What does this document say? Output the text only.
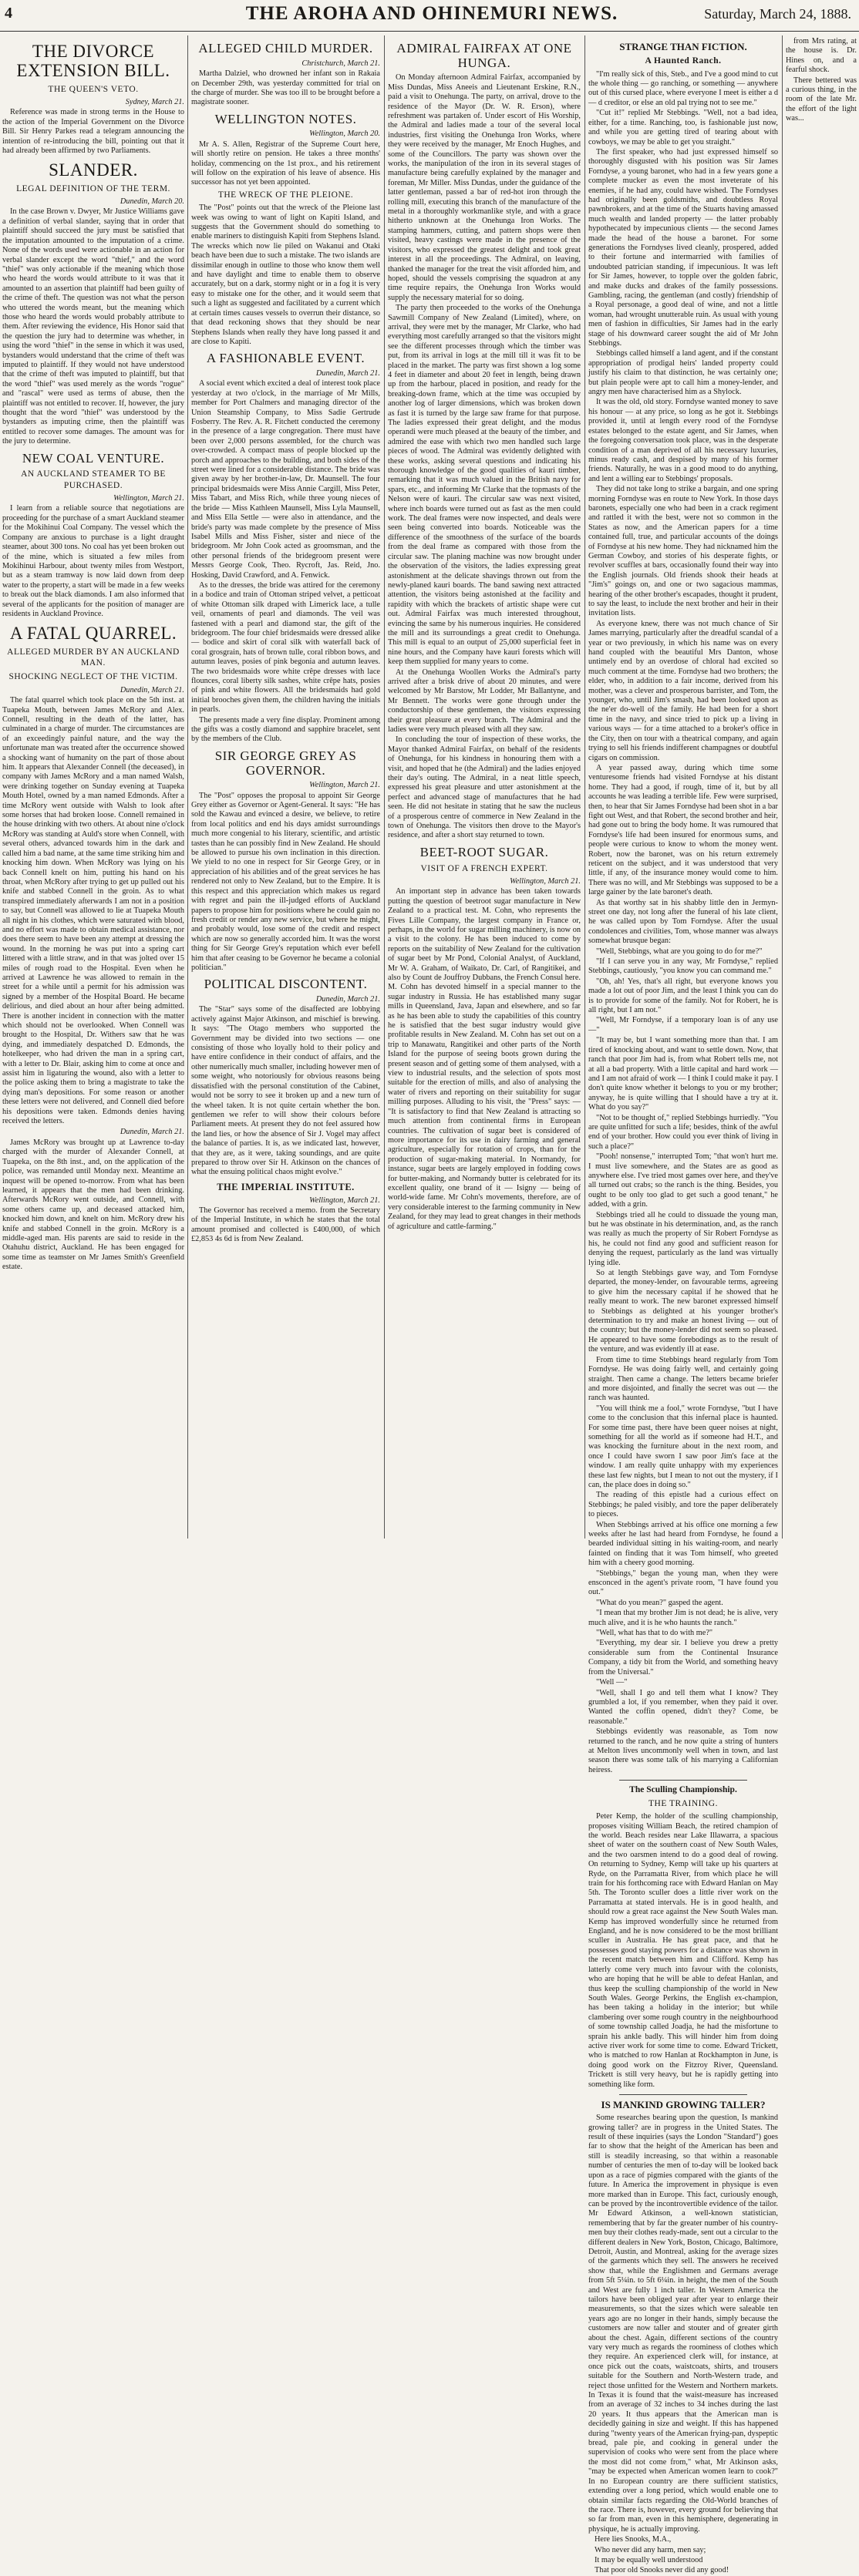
4	THE AROHA AND OHINEMURI NEWS.	Saturday, March 24, 1888.
THE DIVORCE EXTENSION BILL.
THE QUEEN'S VETO.
Sydney, March 21.

Reference was made in strong terms in the House to the action of the Imperial Government on the Divorce Bill. Sir Henry Parkes read a telegram announcing the intention of re-introducing the bill, pointing out that it had already been affirmed by two Parliaments.

SLANDER.
LEGAL DEFINITION OF THE TERM.
Dunedin, March 20.

In the case Brown v. Dwyer, Mr Justice Williams gave a definition of verbal slander, saying that in order that plaintiff should succeed the jury must be satisfied that the imputation amounted to the imputation of a crime. None of the words used were actionable in an action for verbal slander except the word "thief," and the word "thief" was only actionable if the meaning which those who heard the words would attribute to it was that it amounted to an assertion that plaintiff had been guilty of the crime of theft. The question was not what the person who uttered the words meant, but the meaning which those who heard the words would probably attribute to them. After reviewing the evidence, His Honor said that the question the jury had to determine was whether, in using the word "thief" in the sense in which it was used, bystanders would understand that the crime of theft was imputed to plaintiff. If they would not have understood that the crime of theft was imputed to plaintiff, but that the word "thief" was used merely as the words "rogue" and "rascal" were used as terms of abuse, then the plaintiff was not entitled to recover. If, however, the jury thought that the word "thief" was understood by the bystanders as imputing crime, then the plaintiff was entitled to recover some damages. The amount was for the jury to determine.

NEW COAL VENTURE.
AN AUCKLAND STEAMER TO BE PURCHASED.
Wellington, March 21.

I learn from a reliable source that negotiations are proceeding for the purchase of a smart Auckland steamer for the Mokihinui Coal Company. The vessel which the Company are anxious to purchase is a light draught steamer, about 300 tons. No coal has yet been broken out of the mine, which is situated a few miles from Mokihinui Harbour, about twenty miles from Westport, but as a steam tramway is now laid down from deep water to the property, a start will be made in a few weeks to break out the black diamonds. I am also informed that several of the applicants for the position of manager are residents in Auckland Province.

A FATAL QUARREL.
ALLEGED MURDER BY AN AUCKLAND MAN.
SHOCKING NEGLECT OF THE VICTIM.
Dunedin, March 21.

The fatal quarrel which took place on the 5th inst. at Tuapeka Mouth, between James McRory and Alex. Connell, resulting in the death of the latter, has culminated in a charge of murder. The circumstances are of an exceedingly painful nature, and the way the unfortunate man was treated after the occurrence showed a shocking want of humanity on the part of those about him. It appears that Alexander Connell (the deceased), in company with James McRory and a man named Walsh, were drinking together on Sunday evening at Tuapeka Mouth Hotel, owned by a man named Edmonds. After a time McRory went outside with Walsh to look after some horses that had broken loose. Connell remained in the house drinking with two others. At about nine o'clock McRory was standing at Auld's store when Connell, with several others, advanced towards him in the dark and called him a bad name, at the same time striking him and knocking him down. When McRory was lying on his back Connell knelt on him, putting his hand on his throat, when McRory after trying to get up pulled out his knife and stabbed Connell in the groin. As to what transpired immediately afterwards I am not in a position to say, but Connell was allowed to lie at Tuapeka Mouth all night in his clothes, which were saturated with blood, and no effort was made to obtain medical assistance, nor does there seem to have been any attempt at dressing the wound. In the morning he was put into a spring cart littered with a little straw, and in that was jolted over 15 miles of rough road to the Hospital. Even when he arrived at Lawrence he was allowed to remain in the street for a while until a permit for his admission was signed by a member of the Hospital Board. He became delirious, and died about an hour after being admitted. There is another incident in connection with the matter which should not be overlooked. When Connell was brought to the Hospital, Dr. Withers saw that he was dying, and immediately despatched D. Edmonds, the hotelkeeper, who had driven the man in a spring cart, with a letter to Dr. Blair, asking him to come at once and assist him in ligaturing the wound, also with a letter to the police asking them to bring a magistrate to take the dying man's depositions. For some reason or another these letters were not delivered, and Connell died before his depositions were taken. Edmonds denies having received the letters.

Dunedin, March 21.

James McRory was brought up at Lawrence to-day charged with the murder of Alexander Connell, at Tuapeka, on the 8th inst., and, on the application of the police, was remanded until Monday next. Meantime an inquest will be opened to-morrow. From what has been learned, it appears that the men had been drinking. Afterwards McRory went outside, and Connell, with some others came up, and deceased attacked him, knocked him down, and knelt on him. McRory drew his knife and stabbed Connell in the groin. McRory is a middle-aged man. His parents are said to reside in the Otahuhu district, Auckland. He has been engaged for some time as teamster on Mr James Smith's Greenfield estate.

ALLEGED CHILD MURDER.
Christchurch, March 21.

Martha Dalziel, who drowned her infant son in Rakaia on December 29th, was yesterday committed for trial on the charge of murder. She was too ill to be brought before a magistrate sooner.

WELLINGTON NOTES.
Wellington, March 20.

Mr A. S. Allen, Registrar of the Supreme Court here, will shortly retire on pension. He takes a three months' holiday, commencing on the 1st prox., and his retirement will follow on the expiration of his leave of absence. His successor has not yet been appointed.

THE WRECK OF THE PLEIONE.

The "Post" points out that the wreck of the Pleione last week was owing to want of light on Kapiti Island, and suggests that the Government should do something to enable mariners to distinguish Kapiti from Stephens Island. The wrecks which now lie piled on Wakanui and Otaki beach have been due to such a mistake. The two islands are dissimilar enough in outline to those who know them well and have daylight and time to enable them to observe accurately, but on a dark, stormy night or in a fog it is very easy to mistake one for the other, and it would seem that such a light as suggested and facilitated by a current which at certain times causes vessels to overrun their distance, so that dead reckoning shows that they should be near Stephens Islands when really they have long passed it and are close to Kapiti.

A FASHIONABLE EVENT.
Dunedin, March 21.

A social event which excited a deal of interest took place yesterday at two o'clock, in the marriage of Mr Mills, member for Port Chalmers and managing director of the Union Steamship Company, to Miss Sadie Gertrude Fosberry. The Rev. A. R. Fitchett conducted the ceremony in the presence of a large congregation. There must have been over 2,000 persons assembled, for the church was over-crowded. A compact mass of people blocked up the porch and approaches to the building, and both sides of the street were lined for a considerable distance. The bride was given away by her brother-in-law, Dr. Maunsell. The four principal bridesmaids were Miss Annie Cargill, Miss Peter, Miss Tabart, and Miss Rich, while three young nieces of the bride — Miss Kathleen Maunsell, Miss Lyla Maunsell, and Miss Ella Settle — were also in attendance, and the bride's party was made complete by the presence of Miss Isabel Mills and Miss Fisher, sister and niece of the bridegroom. Mr John Cook acted as groomsman, and the other personal friends of the bridegroom present were Messrs George Cook, Theo. Rycroft, Jas. Reid, Jno. Hosking, David Crawford, and A. Fenwick.

As to the dresses, the bride was attired for the ceremony in a bodice and train of Ottoman striped velvet, a petticoat of white Ottoman silk draped with Limerick lace, a tulle veil, ornaments of pearl and diamonds. The veil was fastened with a pearl and diamond star, the gift of the bridegroom. The four chief bridesmaids were dressed alike — bodice and skirt of coral silk with waterfall back of coral grosgrain, hats of brown tulle, coral ribbon bows, and autumn leaves, posies of pink begonia and autumn leaves. The two bridesmaids wore white crêpe dresses with lace flounces, coral liberty silk sashes, white crêpe hats, posies of pink and white flowers. All the bridesmaids had gold initial brooches given them, the children having the initials in pearls.

The presents made a very fine display. Prominent among the gifts was a costly diamond and sapphire bracelet, sent by the members of the Club.

SIR GEORGE GREY AS GOVERNOR.
Wellington, March 21.

The "Post" opposes the proposal to appoint Sir George Grey either as Governor or Agent-General. It says: "He has sold the Kawau and evinced a desire, we believe, to retire from local politics and end his days amidst surroundings much more congenial to his literary, scientific, and artistic tastes than he can possibly find in New Zealand. He should be allowed to pursue his own inclination in this direction. We yield to no one in respect for Sir George Grey, or in appreciation of his abilities and of the great services he has rendered not only to New Zealand, but to the Empire. It is this respect and this appreciation which makes us regard with regret and pain the ill-judged efforts of Auckland papers to propose him for positions where he could gain no fresh credit or render any new service, but where he might, and probably would, lose some of the credit and respect which are now so generally accorded him. It was the worst thing for Sir George Grey's reputation which ever befell him that after ceasing to be Governor he became a colonial politician."

POLITICAL DISCONTENT.
Dunedin, March 21.

The "Star" says some of the disaffected are lobbying actively against Major Atkinson, and mischief is brewing. It says: "The Otago members who supported the Government may be divided into two sections — one consisting of those who loyally hold to their policy and have entire confidence in their conduct of affairs, and the other numerically much smaller, including however men of some weight, who notoriously for obvious reasons being dissatisfied with the personal constitution of the Cabinet, would not be sorry to see it broken up and a new turn of the wheel taken. It is not quite certain whether the bon. gentlemen we refer to will show their colours before Parliament meets. At present they do not feel assured how the land lies, or how the absence of Sir J. Vogel may affect the balance of parties. It is, as we indicated last, however, that they are, as it were, taking soundings, and are quite prepared to throw over Sir H. Atkinson on the chances of what the ensuing political chaos might evolve."

THE IMPERIAL INSTITUTE.
Wellington, March 21.

The Governor has received a memo. from the Secretary of the Imperial Institute, in which he states that the total amount promised and collected is £400,000, of which £2,853 4s 6d is from New Zealand.

ADMIRAL FAIRFAX AT ONE HUNGA.

On Monday afternoon Admiral Fairfax, accompanied by Miss Dundas, Miss Aneeis and Lieutenant Erskine, R.N., paid a visit to Onehunga. The party, on arrival, drove to the residence of the Mayor (Dr. W. R. Erson), where refreshment was partaken of. Under escort of His Worship, the Admiral and ladies made a tour of the several local industries, first visiting the Onehunga Iron Works, where they were received by the manager, Mr Enoch Hughes, and some of the Councillors. The party was shown over the works, the manipulation of the iron in its several stages of manufacture being carefully explained by the manager and foreman, Mr Miller. Miss Dundas, under the guidance of the latter gentleman, passed a bar of red-hot iron through the rolling mill, executing this branch of the manufacture of the metal in a thoroughly workmanlike style, and with a grace hitherto unknown at the Onehunga Iron Works. The stamping hammers, cutting, and pattern shops were then visited, heavy castings were made in the presence of the visitors, who expressed the greatest delight and took great interest in all the proceedings. The Admiral, on leaving, thanked the manager for the treat the visit afforded him, and hoped, should the vessels comprising the squadron at any time require repairs, the Onehunga Iron Works would supply the necessary material for so doing.

The party then proceeded to the works of the Onehunga Sawmill Company of New Zealand (Limited), where, on arrival, they were met by the manager, Mr Clarke, who had everything most carefully arranged so that the visitors might see the different processes through which the timber was put, from its arrival in logs at the mill till it was fit to be placed in the market. The party was first shown a log some 4 feet in diameter and about 20 feet in length, being drawn up from the harbour, placed in position, and ready for the breaking-down frame, which at the time was occupied by another log of larger dimensions, which was broken down as fast it is turned by the large saw frame for that purpose. The ladies expressed their great delight, and the modus operandi were much pleased at the beauty of the timber, and admired the ease with which two men handled such large pieces of wood. The Admiral was evidently delighted with these works, asking several questions and indicating his thorough knowledge of the good qualities of kauri timber, remarking that it was much valued in the British navy for spars, etc., and informing Mr Clarke that the topmasts of the Nelson were of kauri. The circular saw was next visited, where inch boards were turned out as fast as the men could work. The deal frames were now inspected, and deals were seen being converted into boards. Noticeable was the difference of the smoothness of the surface of the boards from the deal frame as compared with those from the circular saw. The planing machine was now brought under the observation of the visitors, the ladies expressing great astonishment at the delicate shavings thrown out from the newly-planed kauri boards. The band sawing next attracted attention, the visitors being astonished at the facility and rapidity with which the brackets of artistic shape were cut out. Admiral Fairfax was much interested throughout, evincing the same by his numerous inquiries. He considered the mill and its surroundings a great credit to Onehunga. This mill is equal to an output of 25,000 superficial feet in nine hours, and the Company have kauri forests which will keep them supplied for many years to come.

At the Onehunga Woollen Works the Admiral's party arrived after a brisk drive of about 20 minutes, and were welcomed by Mr Barstow, Mr Lodder, Mr Ballantyne, and Mr Bennett. The works were gone through under the conductorship of these gentlemen, the visitors expressing their great pleasure at every branch. The Admiral and the ladies were very much pleased with all they saw.

In concluding the tour of inspection of these works, the Mayor thanked Admiral Fairfax, on behalf of the residents of Onehunga, for his kindness in honouring them with a visit, and hoped that he (the Admiral) and the ladies enjoyed their day's outing. The Admiral, in a neat little speech, expressed his great pleasure and utter astonishment at the perfect and advanced stage of manufactures that he had seen. He did not hesitate in stating that he saw the nucleus of a prosperous centre of commerce in New Zealand in the town of Onehunga. The visitors then drove to the Mayor's residence, and after a short stay returned to town.

BEET-ROOT SUGAR.
VISIT OF A FRENCH EXPERT.
Wellington, March 21.

An important step in advance has been taken towards putting the question of beetroot sugar manufacture in New Zealand to a practical test. M. Cohn, who represents the Fives Lille Company, the largest company in France or, perhaps, in the world for sugar milling machinery, is now on a visit to the colony. He has been induced to come by reports on the suitability of New Zealand for the cultivation of sugar beet by Mr Pond, Colonial Analyst, of Auckland, Mr W. A. Graham, of Waikato, Dr. Carl, of Rangitikei, and also by Count de Jouffroy Dubbans, the French Consul here. M. Cohn has devoted himself in a special manner to the sugar industry in Russia. He has established many sugar mills in Queensland, Java, Japan and elsewhere, and so far as he has been able to study the capabilities of this country he is satisfied that the best sugar industry would give profitable results in New Zealand. M. Cohn has set out on a trip to Manawatu, Rangitikei and other parts of the North Island for the purpose of seeing boots grown during the present season and of getting some of them analysed, with a view to industrial results, and the selection of spots most suitable for the erection of mills, and also of analysing the water of rivers and reporting on their suitability for sugar milling purposes. Alluding to his visit, the "Press" says: — "It is satisfactory to find that New Zealand is attracting so much attention from continental firms in European countries. The cultivation of sugar beet is considered of more importance for its use in dairy farming and general agriculture, especially for rotation of crops, than for the production of sugar-making material. In Normandy, for instance, sugar beets are largely employed in fodding cows for butter-making, and Normandy butter is celebrated for its excellent quality, one brand of it — Isigny — being of world-wide fame. Mr Cohn's movements, therefore, are of very considerable interest to the farming community in New Zealand, for they may lead to great changes in their methods of agriculture and cattle-farming."

STRANGE THAN FICTION.
A Haunted Ranch.

"I'm really sick of this, Steb., and I've a good mind to cut the whole thing — go ranching, or something — anywhere out of this cursed place, where everyone I meet is either a d — d creditor, or else an old pal trying not to see me."

"Cut it!" replied Mr Stebbings. "Well, not a bad idea, either, for a time. Ranching, too, is fashionable just now, and while you are getting tired of tearing about with cowboys, we may be able to get you straight."

The first speaker, who had just expressed himself so thoroughly disgusted with his position was Sir James Forndyse, a young baronet, who had in a few years gone a complete mucker as even the most inveterate of his enemies, if he had any, could have wished. The Forndyses had originally been goldsmiths, and doubtless Royal pawnbrokers, and at the time of the Stuarts having amassed much wealth and landed property — the latter probably hypothecated by impecunious clients — the second James made the head of the house a baronet. For some generations the Forndyses lived cleanly, prospered, added to their fortune and intermarried with families of undoubted patrician standing, if impecunious. It was left for Sir James, however, to topple over the golden fabric, and make ducks and drakes of the family possessions. Gambling, racing, the gentleman (and costly) friendship of a Royal personage, a good deal of wine, and not a little woman, had wrought unutterable ruin. As usual with young men of fashion in difficulties, Sir James had in the early stage of his downward career sought the aid of Mr John Stebbings.

Stebbings called himself a land agent, and if the constant appropriation of prodigal heirs' landed property could justify his claim to that distinction, he was certainly one; but plain people were apt to call him a money-lender, and angry men have characterised him as a Shylock.

It was the old, old story. Forndyse wanted money to save his honour — at any price, so long as he got it. Stebbings provided it, until at length every rood of the Forndyse estates belonged to the estate agent, and Sir James, when the foregoing conversation took place, was in the desperate condition of a man deprived of all his necessary luxuries, minus ready cash, and despised by many of his former friends. Naturally, he was in a good mood to do anything, and lent a willing ear to Stebbings' proposals.

They did not take long to strike a bargain, and one spring morning Forndyse was en route to New York. In those days baronets, especially one who had been in a crack regiment and rattled it with the best, were not so common in the States as now, and the American papers for a time contained full, true, and particular accounts of the doings of Forndyse at his new home. They had nicknamed him the German Cowboy, and stories of his desperate fights, or revolver scuffles at bars, occasionally found their way into the English journals. Old friends shook their heads at "Jim's" goings on, and one or two sagacious mammas, hearing of the other brother's escapades, thought it prudent, to say the least, to include the next brother and heir in their invitation lists.

As everyone knew, there was not much chance of Sir James marrying, particularly after the dreadful scandal of a year or two previously, in which his name was on every hand coupled with the beautiful Mrs Danton, whose untimely end by an overdose of chloral had excited so much comment at the time. Forndyse had two brothers; the elder, who, in addition to a fair income, derived from his mother, was a clever and prosperous barrister, and Tom, the younger, who, until Jim's smash, had been looked upon as the ne'er do-well of the family. He had been for a short time in the navy, and since tried to pick up a living in various ways — for a time attached to a broker's office in the City, then on tour with a theatrical company, and again trying to sell his friends indifferent champagnes or doubtful cigars on commission.

A year passed away, during which time some venturesome friends had visited Forndyse at his distant home. They had a good, if rough, time of it, but by all accounts he was leading a terrible life. Few were surprised, then, to hear that Sir James Forndyse had been shot in a bar fight out West, and that Robert, the second brother and heir, had gone out to bring the body home. It was rumoured that Forndyse's life had been insured for enormous sums, and people were curious to know to whom the money went. Robert, now the baronet, was on his return extremely reticent on the subject, and it was understood that very little, if any, of the insurance money would come to him. There was no will, and Mr Stebbings was supposed to be a large gainer by the late baronet's death.

As that worthy sat in his shabby little den in Jermyn-street one day, not long after the funeral of his late client, he was called upon by Tom Forndyse. After the usual condolences and civilities, Tom, whose manner was always somewhat brusque began:

"Well, Stebbings, what are you going to do for me?"

"If I can serve you in any way, Mr Forndyse," replied Stebbings, cautiously, "you know you can command me."

"Oh, ah! Yes, that's all right, but everyone knows you made a lot out of poor Jim, and the least I think you can do is to provide for some of the family. Not for Robert, he is all right, but I am not."

"Well, Mr Forndyse, if a temporary loan is of any use —"

"It may be, but I want something more than that. I am tired of knocking about, and want to settle down. Now, that ranch that poor Jim had is, from what Robert tells me, not at all a bad property. With a little capital and hard work — and I am not afraid of work — I think I could make it pay. I don't quite know whether it belongs to you or my brother; anyway, he is quite willing that I should have a try at it. What do you say?"

"Not to be thought of," replied Stebbings hurriedly. "You are quite unfitted for such a life; besides, think of the awful end of your brother. How could you ever think of living in such a place?"

"Pooh! nonsense," interrupted Tom; "that won't hurt me. I must live somewhere, and the States are as good as anywhere else. I've tried most games over here, and they've all turned out crabs; so the ranch is the thing. Besides, you ought to be only too glad to get such a good tenant," he added, with a grin.

Stebbings tried all he could to dissuade the young man, but he was obstinate in his determination, and, as the ranch was really as much the property of Sir Robert Forndyse as his, he could not find any good and sufficient reason for denying the request, particularly as the land was virtually lying idle.

So at length Stebbings gave way, and Tom Forndyse departed, the money-lender, on favourable terms, agreeing to give him the necessary capital if he showed that he really meant to work. The new baronet expressed himself to Stebbings as delighted at his younger brother's determination to try and make an honest living — out of the country; but the money-lender did not seem so pleased. He appeared to have some forebodings as to the result of the venture, and was evidently ill at ease.

From time to time Stebbings heard regularly from Tom Forndyse. He was doing fairly well, and certainly going straight. Then came a change. The letters became briefer and more disjointed, and finally the secret was out — the ranch was haunted.

"You will think me a fool," wrote Forndyse, "but I have come to the conclusion that this infernal place is haunted. For some time past, there have been queer noises at night, something for all the world as if someone had H.T., and was knocking the furniture about in the next room, and once I could have sworn I saw poor Jim's face at the window. I am really quite unhappy with my experiences these last few nights, but I mean to not out the mystery, if I can, the place does in doing so."

The reading of this epistle had a curious effect on Stebbings; he paled visibly, and tore the paper deliberately to pieces.

When Stebbings arrived at his office one morning a few weeks after he last had heard from Forndyse, he found a bearded individual sitting in his waiting-room, and nearly fainted on finding that it was Tom himself, who greeted him with a cheery good morning.

"Stebbings," began the young man, when they were ensconced in the agent's private room, "I have found you out."

"What do you mean?" gasped the agent.

"I mean that my brother Jim is not dead; he is alive, very much alive, and it is he who haunts the ranch."

"Well, what has that to do with me?"

"Everything, my dear sir. I believe you drew a pretty considerable sum from the Continental Insurance Company, a tidy bit from the World, and something heavy from the Universal."

"Well —"

"Well, shall I go and tell them what I know? They grumbled a lot, if you remember, when they paid it over. Wanted the coffin opened, didn't they? Come, be reasonable."

Stebbings evidently was reasonable, as Tom now returned to the ranch, and he now quite a string of hunters at Melton lives uncommonly well when in town, and last season there was some talk of his marrying a Californian heiress.

The Sculling Championship.
THE TRAINING.

Peter Kemp, the holder of the sculling championship, proposes visiting William Beach, the retired champion of the world. Beach resides near Lake Illawarra, a spacious sheet of water on the southern coast of New South Wales, and the two oarsmen intend to do a good deal of rowing. On returning to Sydney, Kemp will take up his quarters at Ryde, on the Parramatta River, from which place he will train for his forthcoming race with Edward Hanlan on May 5th. The Toronto sculler does a little river work on the Parramatta at stated intervals. He is in good health, and should row a great race against the New South Wales man. Kemp has improved wonderfully since he returned from England, and he is now considered to be the most brilliant sculler in Australia. He has great pace, and that he possesses good staying powers for a distance was shown in the recent match between him and Clifford. Kemp has latterly come very much into favour with the colonists, who are hoping that he will be able to defeat Hanlan, and thus keep the sculling championship of the world in New South Wales. George Perkins, the English ex-champion, has been taking a holiday in the interior; but while clambering over some rough country in the neighbourhood of some township called Joadja, he had the misfortune to sprain his ankle badly. This will hinder him from doing active river work for some time to come. Edward Trickett, who is matched to row Hanlan at Rockhampton in June, is doing good work on the Fitzroy River, Queensland. Trickett is still very heavy, but he is rapidly getting into something like form.

IS MANKIND GROWING TALLER?

Some researches bearing upon the question, Is mankind growing taller? are in progress in the United States. The result of these inquiries (says the London "Standard") goes far to show that the height of the American has been and still is steadily increasing, so that within a reasonable number of centuries the men of to-day will be looked back upon as a race of pigmies compared with the giants of the future. In America the improvement in physique is even more marked than in Europe. This fact, curiously enough, can be proved by the incontrovertible evidence of the tailor. Mr Edward Atkinson, a well-known statistician, remembering that by far the greater number of his country-men buy their clothes ready-made, sent out a circular to the different dealers in New York, Boston, Chicago, Baltimore, Detroit, Austin, and Montreal, asking for the average sizes of the garments which they sell. The answers he received show that, while the Englishmen and Germans average from 5ft 5¼in. to 5ft 6¼in. in height, the men of the South and West are fully 1 inch taller. In Western America the tailors have been obliged year after year to enlarge their measurements, so that the sizes which were saleable ten years ago are no longer in their hands, simply because the customers are now taller and stouter and of greater girth about the chest. Again, different sections of the country vary very much as regards the roominess of clothes which they require. An experienced clerk will, for instance, at once pick out the coats, waistcoats, shirts, and trousers suitable for the Southern and North-Western trade, and reject those unfitted for the Western and Northern markets. In Texas it is found that the waist-measure has increased from an average of 32 inches to 34 inches during the last 20 years. It thus appears that the American man is decidedly gaining in size and weight. If this has happened during "twenty years of the American frying-pan, dyspeptic bread, pale pie, and cooking in general under the supervision of cooks who were sent from the place where the most did not come from," what, Mr Atkinson asks, "may be expected when American women learn to cook?" In no European country are there sufficient statistics, extending over a long period, which would enable one to obtain similar facts regarding the Old-World branches of the race. There is, however, every ground for believing that so far from man, even in this hemisphere, degenerating in physique, he is actually improving.

Here lies Snooks, M.A.,

Who never did any harm, men say;

It may be equally well understood

That poor old Snooks never did any good!

from Mrs rating, at the house is. Dr. Hines on, and a fearful shock.

There bettered was a curious thing, in the room of the late Mr. the effort of the light was...
